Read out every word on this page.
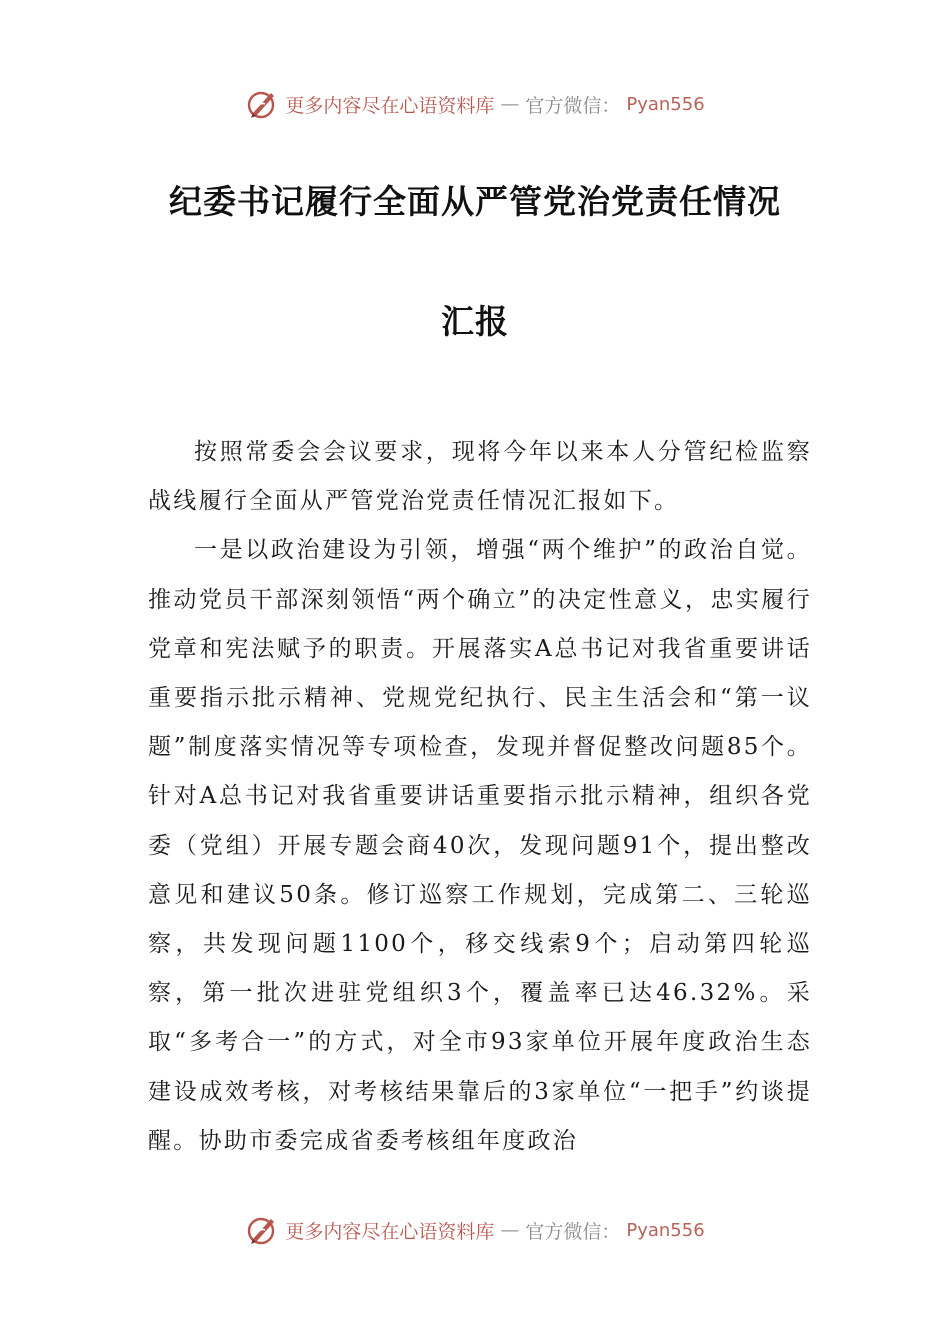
更多内容尽在心语资料库 — 官方微信： Pyan556
纪委书记履行全面从严管党治党责任情况
汇报

按照常委会会议要求，现将今年以来本人分管纪检监察战线履行全面从严管党治党责任情况汇报如下。

一是以政治建设为引领，增强“两个维护”的政治自觉。推动党员干部深刻领悟“两个确立”的决定性意义，忠实履行党章和宪法赋予的职责。开展落实A总书记对我省重要讲话重要指示批示精神、党规党纪执行、民主生活会和“第一议题”制度落实情况等专项检查，发现并督促整改问题85个。针对A总书记对我省重要讲话重要指示批示精神，组织各党委（党组）开展专题会商40次，发现问题91个，提出整改意见和建议50条。修订巡察工作规划，完成第二、三轮巡察，共发现问题1100个，移交线索9个；启动第四轮巡察，第一批次进驻党组织3个，覆盖率已达46.32%。采取“多考合一”的方式，对全市93家单位开展年度政治生态建设成效考核，对考核结果靠后的3家单位“一把手”约谈提醒。协助市委完成省委考核组年度政治

更多内容尽在心语资料库 — 官方微信： Pyan556
